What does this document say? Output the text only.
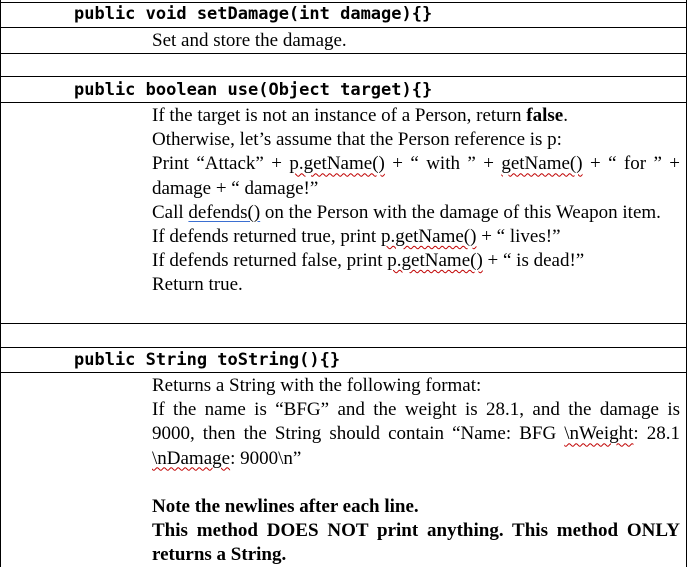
public void setDamage(int damage){}

Set and store the damage.

public boolean use(Object target){}

If the target is not an instance of a Person, return false.

Otherwise, let’s assume that the Person reference is p:

Print “Attack” + p.getName() + “ with ” + getName() + “ for ” + damage + “ damage!”

Call defends() on the Person with the damage of this Weapon item.

If defends returned true, print p.getName() + “ lives!”

If defends returned false, print p.getName() + “ is dead!”

Return true.

public String toString(){}

Returns a String with the following format:

If the name is “BFG” and the weight is 28.1, and the damage is 9000, then the String should contain “Name: BFG \nWeight: 28.1 \nDamage: 9000\n”

Note the newlines after each line.

This method DOES NOT print anything. This method ONLY returns a String.
